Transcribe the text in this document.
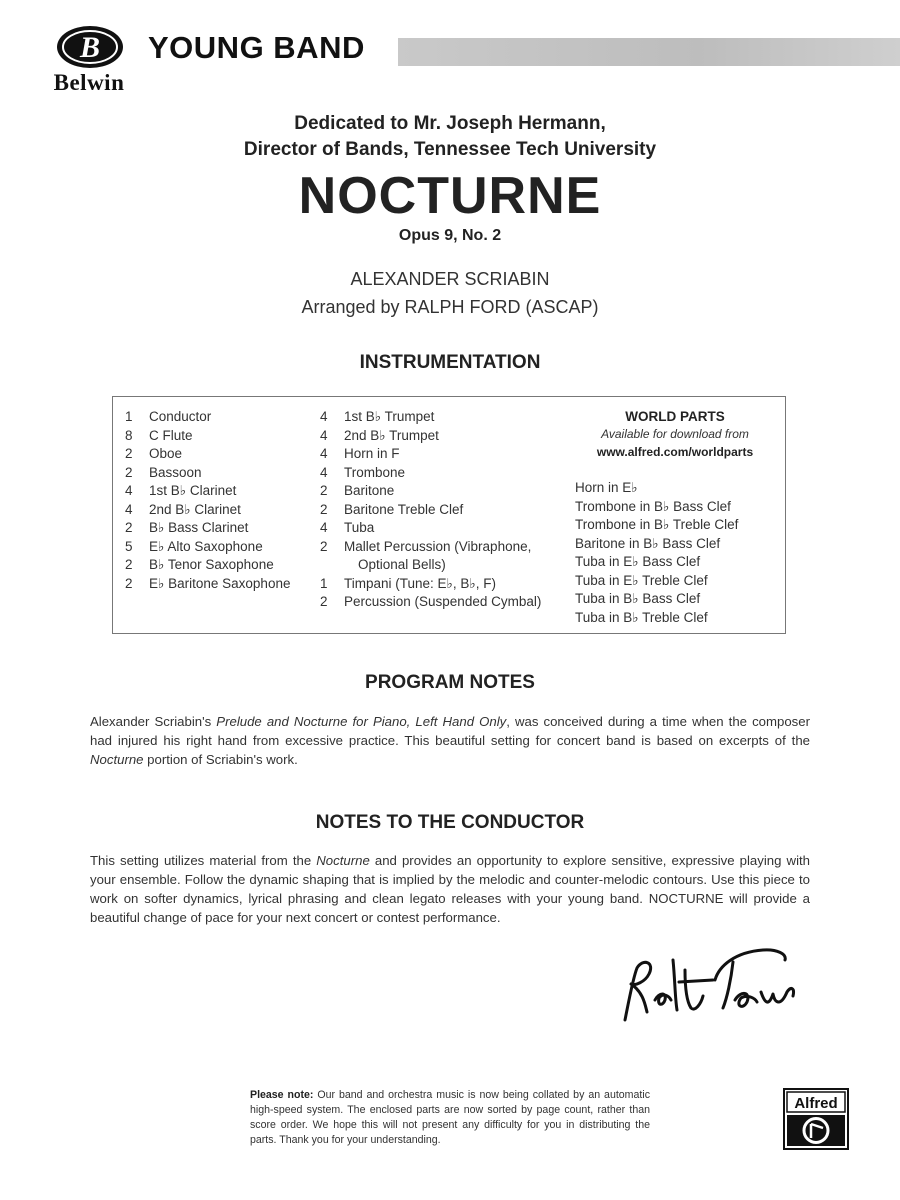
B
Belwin
YOUNG BAND
Dedicated to Mr. Joseph Hermann,
Director of Bands, Tennessee Tech University
NOCTURNE
Opus 9, No. 2
ALEXANDER SCRIABIN
Arranged by RALPH FORD (ASCAP)
INSTRUMENTATION
1	Conductor
8	C Flute
2	Oboe
2	Bassoon
4	1st B♭ Clarinet
4	2nd B♭ Clarinet
2	B♭ Bass Clarinet
5	E♭ Alto Saxophone
2	B♭ Tenor Saxophone
2	E♭ Baritone Saxophone
4	1st B♭ Trumpet
4	2nd B♭ Trumpet
4	Horn in F
4	Trombone
2	Baritone
2	Baritone Treble Clef
4	Tuba
2	Mallet Percussion (Vibraphone,
Optional Bells)
1	Timpani (Tune: E♭, B♭, F)
2	Percussion (Suspended Cymbal)
WORLD PARTS
Available for download from
www.alfred.com/worldparts
Horn in E♭
Trombone in B♭ Bass Clef
Trombone in B♭ Treble Clef
Baritone in B♭ Bass Clef
Tuba in E♭ Bass Clef
Tuba in E♭ Treble Clef
Tuba in B♭ Bass Clef
Tuba in B♭ Treble Clef
PROGRAM NOTES
Alexander Scriabin's Prelude and Nocturne for Piano, Left Hand Only, was conceived during a time when the composer had injured his right hand from excessive practice. This beautiful setting for concert band is based on excerpts of the Nocturne portion of Scriabin's work.
NOTES TO THE CONDUCTOR
This setting utilizes material from the Nocturne and provides an opportunity to explore sensitive, expressive playing with your ensemble. Follow the dynamic shaping that is implied by the melodic and counter-melodic contours. Use this piece to work on softer dynamics, lyrical phrasing and clean legato releases with your young band. NOCTURNE will provide a beautiful change of pace for your next concert or contest performance.
Please note: Our band and orchestra music is now being collated by an automatic high-speed system. The enclosed parts are now sorted by page count, rather than score order. We hope this will not present any difficulty for you in distributing the parts. Thank you for your understanding.
Alfred
